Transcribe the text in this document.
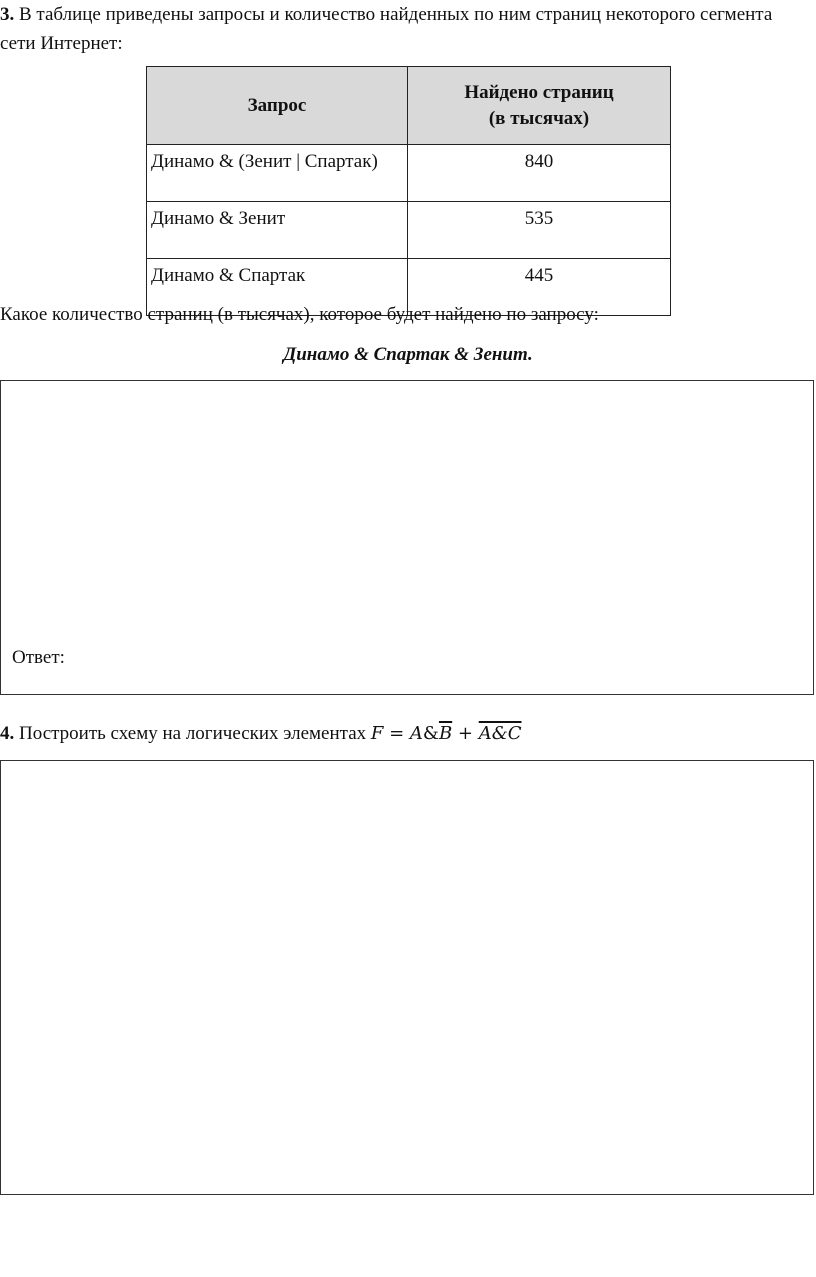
3. В таблице приведены запросы и количество найденных по ним страниц некоторого сегмента сети Интернет:

Запрос	Найдено страниц
(в тысячах)
Динамо & (Зенит | Спартак)	840
Динамо & Зенит	535
Динамо & Спартак	445

Какое количество страниц (в тысячах), которое будет найдено по запросу:

Динамо & Спартак & Зенит.
Ответ:

4. Построить схему на логических элементах $F = A\&\overline{B}$ + A&C
